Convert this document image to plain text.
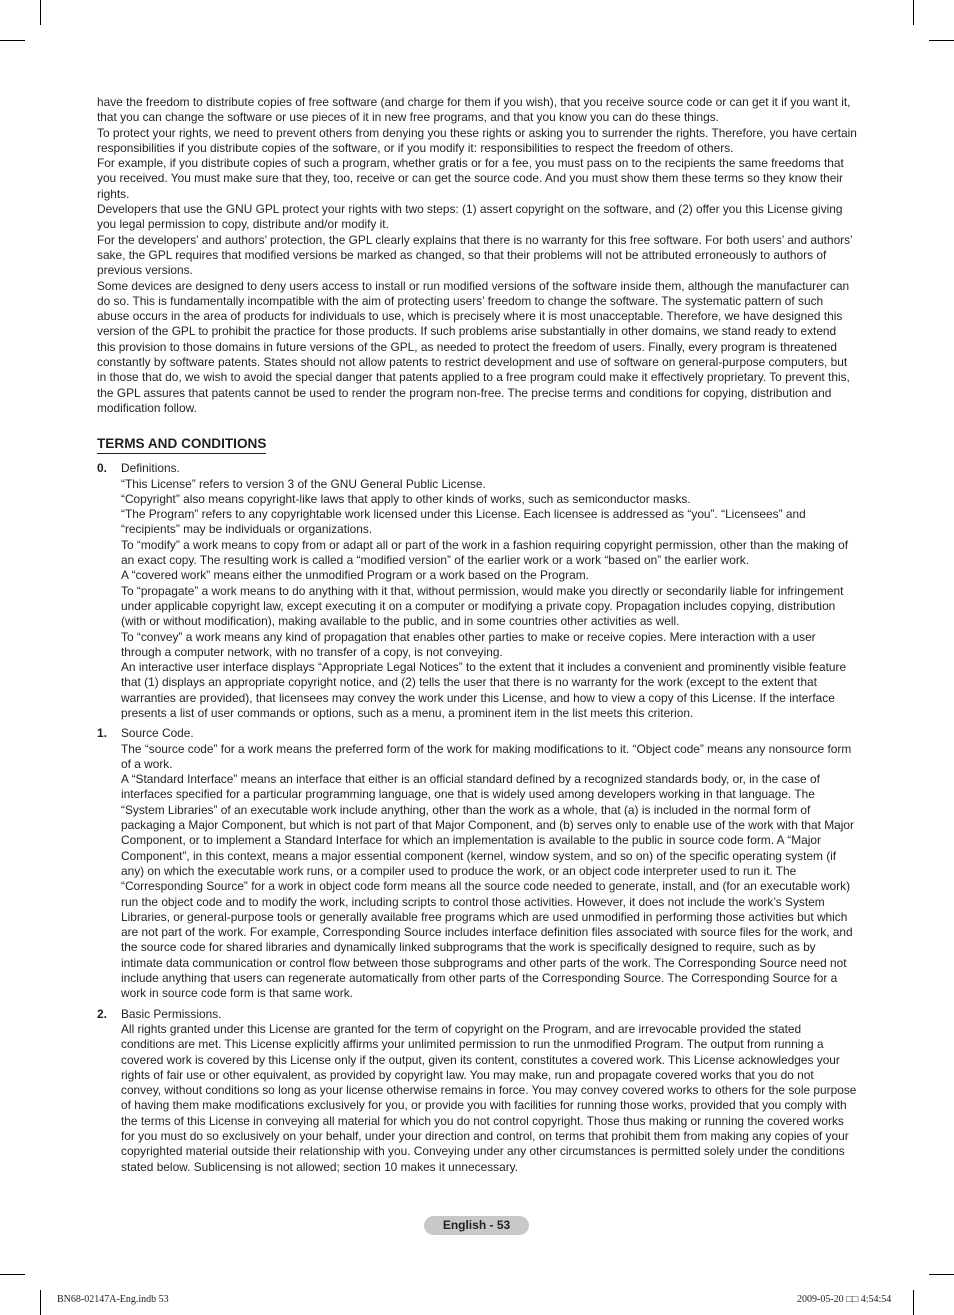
have the freedom to distribute copies of free software (and charge for them if you wish), that you receive source code or can get it if you want it, that you can change the software or use pieces of it in new free programs, and that you know you can do these things.

To protect your rights, we need to prevent others from denying you these rights or asking you to surrender the rights. Therefore, you have certain responsibilities if you distribute copies of the software, or if you modify it: responsibilities to respect the freedom of others.

For example, if you distribute copies of such a program, whether gratis or for a fee, you must pass on to the recipients the same freedoms that you received. You must make sure that they, too, receive or can get the source code. And you must show them these terms so they know their rights.

Developers that use the GNU GPL protect your rights with two steps: (1) assert copyright on the software, and (2) offer you this License giving you legal permission to copy, distribute and/or modify it.

For the developers' and authors’ protection, the GPL clearly explains that there is no warranty for this free software. For both users’ and authors’ sake, the GPL requires that modified versions be marked as changed, so that their problems will not be attributed erroneously to authors of previous versions.

Some devices are designed to deny users access to install or run modified versions of the software inside them, although the manufacturer can do so. This is fundamentally incompatible with the aim of protecting users’ freedom to change the software. The systematic pattern of such abuse occurs in the area of products for individuals to use, which is precisely where it is most unacceptable. Therefore, we have designed this version of the GPL to prohibit the practice for those products. If such problems arise substantially in other domains, we stand ready to extend this provision to those domains in future versions of the GPL, as needed to protect the freedom of users. Finally, every program is threatened constantly by software patents. States should not allow patents to restrict development and use of software on general-purpose computers, but in those that do, we wish to avoid the special danger that patents applied to a free program could make it effectively proprietary. To prevent this, the GPL assures that patents cannot be used to render the program non-free. The precise terms and conditions for copying, distribution and modification follow.

TERMS AND CONDITIONS
0. Definitions.

“This License” refers to version 3 of the GNU General Public License.

“Copyright” also means copyright-like laws that apply to other kinds of works, such as semiconductor masks.

“The Program” refers to any copyrightable work licensed under this License. Each licensee is addressed as “you”. “Licensees” and “recipients” may be individuals or organizations.

To “modify” a work means to copy from or adapt all or part of the work in a fashion requiring copyright permission, other than the making of an exact copy. The resulting work is called a “modified version” of the earlier work or a work “based on” the earlier work.

A “covered work” means either the unmodified Program or a work based on the Program.

To “propagate” a work means to do anything with it that, without permission, would make you directly or secondarily liable for infringement under applicable copyright law, except executing it on a computer or modifying a private copy. Propagation includes copying, distribution (with or without modification), making available to the public, and in some countries other activities as well.

To “convey” a work means any kind of propagation that enables other parties to make or receive copies. Mere interaction with a user through a computer network, with no transfer of a copy, is not conveying.

An interactive user interface displays “Appropriate Legal Notices” to the extent that it includes a convenient and prominently visible feature that (1) displays an appropriate copyright notice, and (2) tells the user that there is no warranty for the work (except to the extent that warranties are provided), that licensees may convey the work under this License, and how to view a copy of this License. If the interface presents a list of user commands or options, such as a menu, a prominent item in the list meets this criterion.

1. Source Code.

The “source code” for a work means the preferred form of the work for making modifications to it. “Object code” means any nonsource form of a work.

A “Standard Interface” means an interface that either is an official standard defined by a recognized standards body, or, in the case of interfaces specified for a particular programming language, one that is widely used among developers working in that language. The “System Libraries” of an executable work include anything, other than the work as a whole, that (a) is included in the normal form of packaging a Major Component, but which is not part of that Major Component, and (b) serves only to enable use of the work with that Major Component, or to implement a Standard Interface for which an implementation is available to the public in source code form. A “Major Component”, in this context, means a major essential component (kernel, window system, and so on) of the specific operating system (if any) on which the executable work runs, or a compiler used to produce the work, or an object code interpreter used to run it. The “Corresponding Source” for a work in object code form means all the source code needed to generate, install, and (for an executable work) run the object code and to modify the work, including scripts to control those activities. However, it does not include the work’s System Libraries, or general-purpose tools or generally available free programs which are used unmodified in performing those activities but which are not part of the work. For example, Corresponding Source includes interface definition files associated with source files for the work, and the source code for shared libraries and dynamically linked subprograms that the work is specifically designed to require, such as by intimate data communication or control flow between those subprograms and other parts of the work. The Corresponding Source need not include anything that users can regenerate automatically from other parts of the Corresponding Source. The Corresponding Source for a work in source code form is that same work.

2. Basic Permissions.

All rights granted under this License are granted for the term of copyright on the Program, and are irrevocable provided the stated conditions are met. This License explicitly affirms your unlimited permission to run the unmodified Program. The output from running a covered work is covered by this License only if the output, given its content, constitutes a covered work. This License acknowledges your rights of fair use or other equivalent, as provided by copyright law. You may make, run and propagate covered works that you do not convey, without conditions so long as your license otherwise remains in force. You may convey covered works to others for the sole purpose of having them make modifications exclusively for you, or provide you with facilities for running those works, provided that you comply with the terms of this License in conveying all material for which you do not control copyright. Those thus making or running the covered works for you must do so exclusively on your behalf, under your direction and control, on terms that prohibit them from making any copies of your copyrighted material outside their relationship with you. Conveying under any other circumstances is permitted solely under the conditions stated below. Sublicensing is not allowed; section 10 makes it unnecessary.

English - 53
BN68-02147A-Eng.indb 53	2009-05-20 □□ 4:54:54
